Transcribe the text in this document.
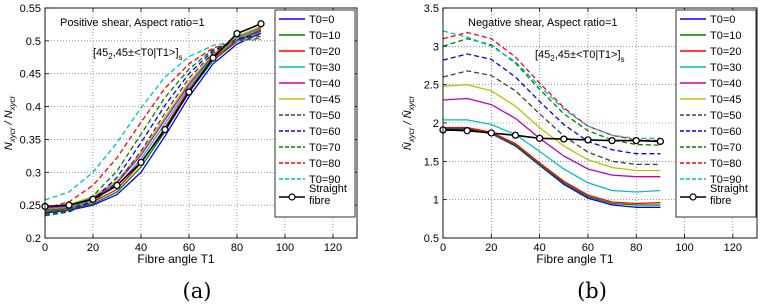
0	20	40	60	80	100	120
0.2
0.25
0.3
0.35
0.4
0.45
0.5
0.55
Fibre angle T1
$N_{xycr} / N_{xycr}$
Positive shear, Aspect ratio=1
$[45_2,45\pm<T0|T1>]_s$
T0=0
T0=10
T0=20
T0=30
T0=40
T0=45
T0=50
T0=60
T0=70
T0=80
T0=90
Straight
fibre
(a)
0	20	40	60	80	100	120
0.5
1
1.5
2
2.5
3
3.5
Fibre angle T1
$N̄_{xycr}$ / $N̄_{xycr}$
Negative shear, Aspect ratio=1
$[45_2,45\pm<T0|T1>]_s$
T0=0
T0=10
T0=20
T0=30
T0=40
T0=45
T0=50
T0=60
T0=70
T0=80
T0=90
Straight
fibre
(b)
